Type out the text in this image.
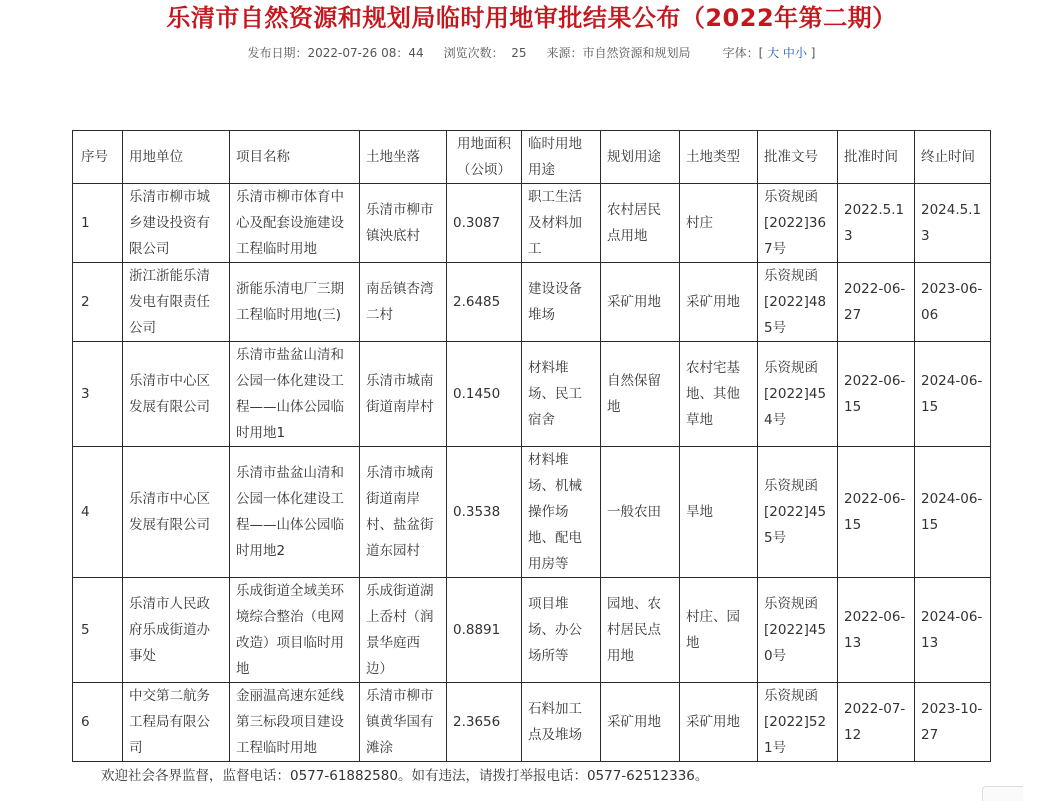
乐清市自然资源和规划局临时用地审批结果公布（2022年第二期）
发布日期：2022-07-26 08：44 浏览次数： 25 来源：市自然资源和规划局	字体：[ 大 中小 ]
序号	用地单位	项目名称	土地坐落	用地面积（公顷）	临时用地用途	规划用途	土地类型	批准文号	批准时间	终止时间
1	乐清市柳市城乡建设投资有限公司	乐清市柳市体育中心及配套设施建设工程临时用地	乐清市柳市镇泱底村	0.3087	职工生活及材料加工	农村居民点用地	村庄	乐资规函[2022]367号	2022.5.13	2024.5.13
2	浙江浙能乐清发电有限责任公司	浙能乐清电厂三期工程临时用地(三)	南岳镇杏湾二村	2.6485	建设设备堆场	采矿用地	采矿用地	乐资规函[2022]485号	2022-06-27	2023-06-06
3	乐清市中心区发展有限公司	乐清市盐盆山清和公园一体化建设工程——山体公园临时用地1	乐清市城南街道南岸村	0.1450	材料堆场、民工宿舍	自然保留地	农村宅基地、其他草地	乐资规函[2022]454号	2022-06-15	2024-06-15
4	乐清市中心区发展有限公司	乐清市盐盆山清和公园一体化建设工程——山体公园临时用地2	乐清市城南街道南岸村、盐盆街道东园村	0.3538	材料堆场、机械操作场地、配电用房等	一般农田	旱地	乐资规函[2022]455号	2022-06-15	2024-06-15
5	乐清市人民政府乐成街道办事处	乐成街道全域美环境综合整治（电网改造）项目临时用地	乐成街道湖上岙村（润景华庭西边）	0.8891	项目堆场、办公场所等	园地、农村居民点用地	村庄、园地	乐资规函[2022]450号	2022-06-13	2024-06-13
6	中交第二航务工程局有限公司	金丽温高速东延线第三标段项目建设工程临时用地	乐清市柳市镇黄华国有滩涂	2.3656	石料加工点及堆场	采矿用地	采矿用地	乐资规函[2022]521号	2022-07-12	2023-10-27
欢迎社会各界监督，监督电话：0577-61882580。如有违法，请拨打举报电话：0577-62512336。
